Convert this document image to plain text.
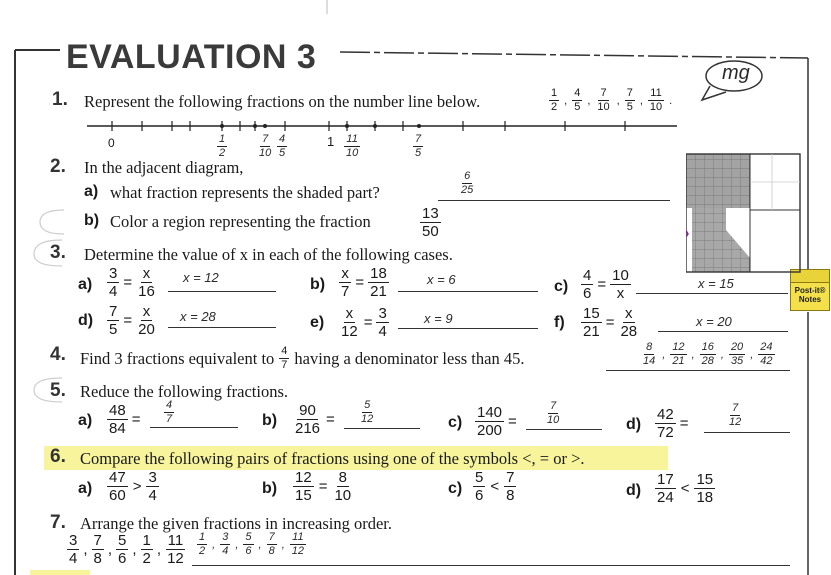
EVALUATION 3	mg
Post-it®
Notes
1. Represent the following fractions on the number line below.	$\frac{1}{2}$ , $\frac{4}{5}$ , $\frac{7}{10}$ , $\frac{7}{5}$ , $\frac{11}{10}$ .
0	$\frac{1}{2}$	$\frac{7}{10} \frac{4}{5}$	$1 \frac{11}{10}$	$\frac{7}{5}$
2. In the adjacent diagram,
a) what fraction represents the shaded part?	$\frac{6}{25}$
b) Color a region representing the fraction	$\frac{13}{50}$
3. Determine the value of x in each of the following cases.
$a) \frac{3}{4} = \frac{x}{16}$ x = 12	$b) \frac{x}{7} = \frac{18}{21}$	x = 6	$c) \frac{4}{6} = \frac{10}{x}$	x = 15
$d) \frac{7}{5} = \frac{x}{20}$ x = 28	$e) \frac{x}{12} = \frac{3}{4}$	x = 9	$f) \frac{15}{21} = \frac{x}{28}$	x = 20
4. Find 3 fractions equivalent to $\frac{4}{7}$ having a denominator less than 45.	$\frac{8}{14}$ , $\frac{12}{21}$ , $\frac{16}{28}$ , $\frac{20}{35}$ , $\frac{24}{42}$
5. Reduce the following fractions.
$a) \frac{48}{84} = \frac{4}{7}$	$b) \frac{90}{216} = \frac{5}{12}$	$c) \frac{140}{200}$ =	$\frac{7}{10}$	$d) \frac{42}{72}$ =	$\frac{7}{12}$
6. Compare the following pairs of fractions using one of the symbols <, = or >.
$a) \frac{47}{60} > \frac{3}{4}$	$b) \frac{12}{15} = \frac{8}{10}$	$c) \frac{5}{6} < \frac{7}{8}$	$d) \frac{17}{24} < \frac{15}{18}$
7. Arrange the given fractions in increasing order.
$\frac{3}{4}$ , $\frac{7}{8}$ , $\frac{5}{6}$ , $\frac{1}{2}$ , $\frac{11}{12} \frac{1}{2}$ , $\frac{3}{4}$ , $\frac{5}{6}$ , $\frac{7}{8}$ , $\frac{11}{12}$
